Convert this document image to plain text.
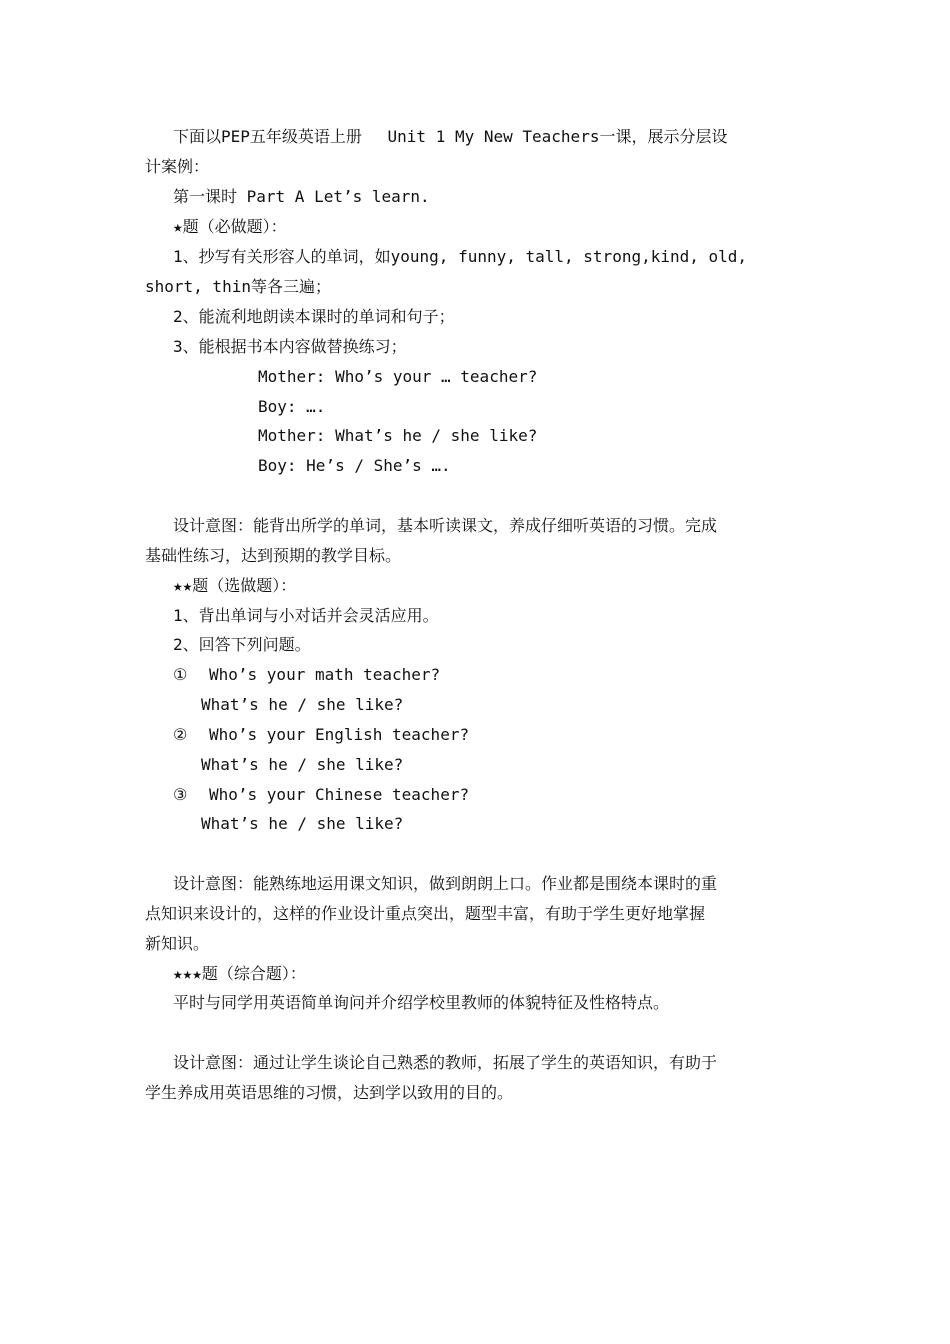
下面以PEP五年级英语上册　 Unit 1 My New Teachers一课，展示分层设
计案例：
第一课时 Part A Let’s learn.
★题（必做题）：
1、抄写有关形容人的单词，如young, funny, tall, strong,kind, old,
short, thin等各三遍；
2、能流利地朗读本课时的单词和句子；
3、能根据书本内容做替换练习；
Mother: Who’s your … teacher?
Boy: ….
Mother: What’s he / she like?
Boy: He’s / She’s ….
设计意图：能背出所学的单词，基本听读课文，养成仔细听英语的习惯。完成
基础性练习，达到预期的教学目标。
★★题（选做题）：
1、背出单词与小对话并会灵活应用。
2、回答下列问题。
① Who’s your math teacher?
What’s he / she like?
② Who’s your English teacher?
What’s he / she like?
③ Who’s your Chinese teacher?
What’s he / she like?
设计意图：能熟练地运用课文知识，做到朗朗上口。作业都是围绕本课时的重
点知识来设计的，这样的作业设计重点突出，题型丰富，有助于学生更好地掌握
新知识。
★★★题（综合题）：
平时与同学用英语简单询问并介绍学校里教师的体貌特征及性格特点。
设计意图：通过让学生谈论自己熟悉的教师，拓展了学生的英语知识，有助于
学生养成用英语思维的习惯，达到学以致用的目的。
